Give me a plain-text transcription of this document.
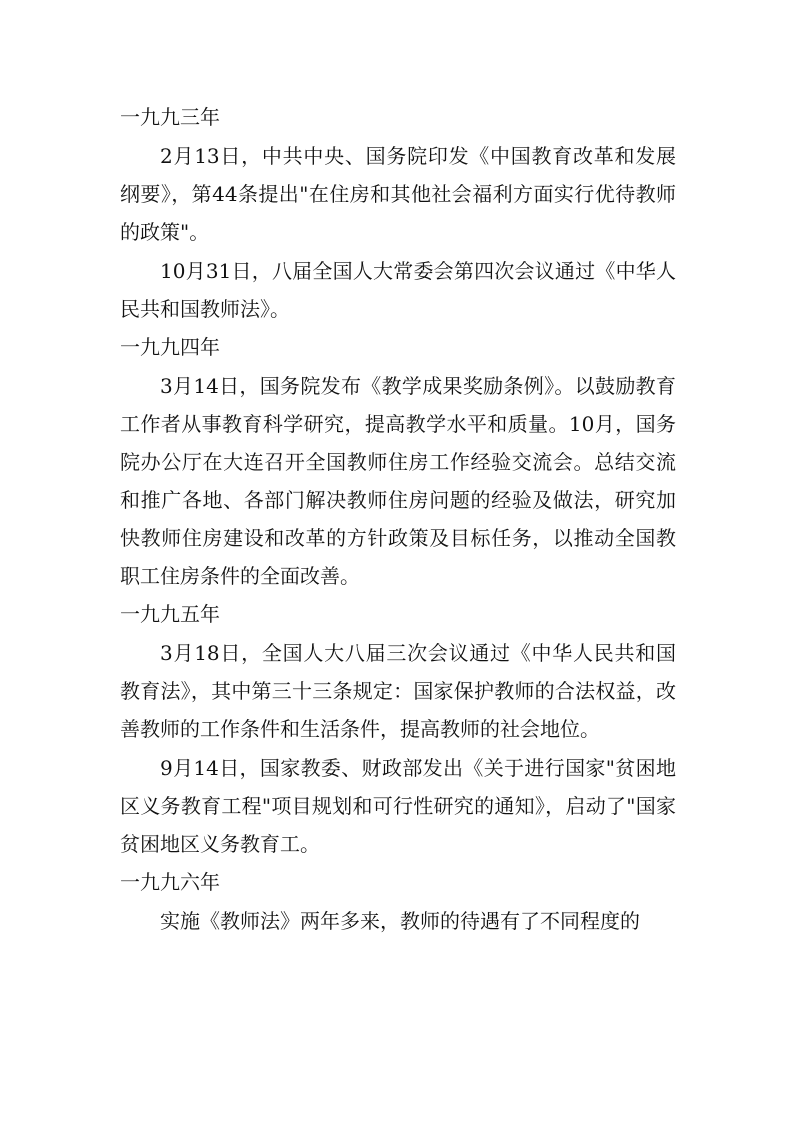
一九九三年

2月13日，中共中央、国务院印发《中国教育改革和发展纲要》，第44条提出"在住房和其他社会福利方面实行优待教师的政策"。

10月31日，八届全国人大常委会第四次会议通过《中华人民共和国教师法》。

一九九四年

3月14日，国务院发布《教学成果奖励条例》。以鼓励教育工作者从事教育科学研究，提高教学水平和质量。10月，国务院办公厅在大连召开全国教师住房工作经验交流会。总结交流和推广各地、各部门解决教师住房问题的经验及做法，研究加快教师住房建设和改革的方针政策及目标任务，以推动全国教职工住房条件的全面改善。

一九九五年

3月18日，全国人大八届三次会议通过《中华人民共和国教育法》，其中第三十三条规定：国家保护教师的合法权益，改善教师的工作条件和生活条件，提高教师的社会地位。

9月14日，国家教委、财政部发出《关于进行国家"贫困地区义务教育工程"项目规划和可行性研究的通知》，启动了"国家贫困地区义务教育工。

一九九六年

实施《教师法》两年多来，教师的待遇有了不同程度的
